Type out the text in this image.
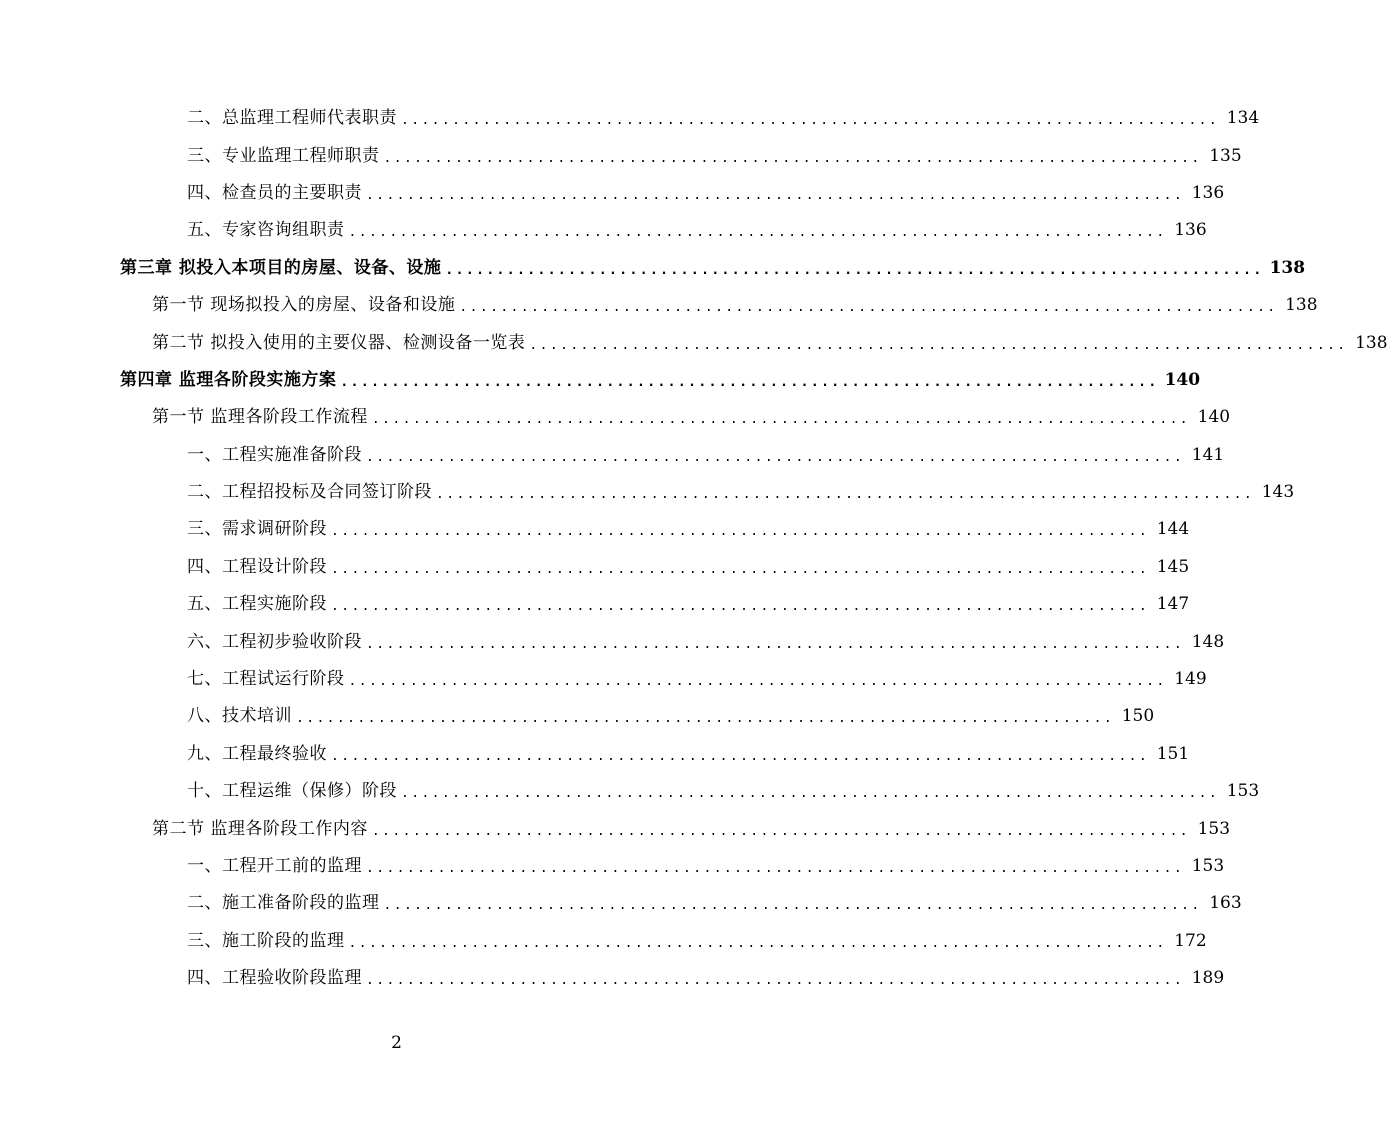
二、总监理工程师代表职责 ................................................................................ 134
三、专业监理工程师职责 ................................................................................ 135
四、检查员的主要职责 ................................................................................ 136
五、专家咨询组职责 ................................................................................ 136
第三章 拟投入本项目的房屋、设备、设施 ................................................................................ 138
第一节 现场拟投入的房屋、设备和设施 ................................................................................ 138
第二节 拟投入使用的主要仪器、检测设备一览表 ................................................................................ 138
第四章 监理各阶段实施方案 ................................................................................ 140
第一节 监理各阶段工作流程 ................................................................................ 140
一、工程实施准备阶段 ................................................................................ 141
二、工程招投标及合同签订阶段 ................................................................................ 143
三、需求调研阶段 ................................................................................ 144
四、工程设计阶段 ................................................................................ 145
五、工程实施阶段 ................................................................................ 147
六、工程初步验收阶段 ................................................................................ 148
七、工程试运行阶段 ................................................................................ 149
八、技术培训 ................................................................................ 150
九、工程最终验收 ................................................................................ 151
十、工程运维（保修）阶段 ................................................................................ 153
第二节 监理各阶段工作内容 ................................................................................ 153
一、工程开工前的监理 ................................................................................ 153
二、施工准备阶段的监理 ................................................................................ 163
三、施工阶段的监理 ................................................................................ 172
四、工程验收阶段监理 ................................................................................ 189
2
